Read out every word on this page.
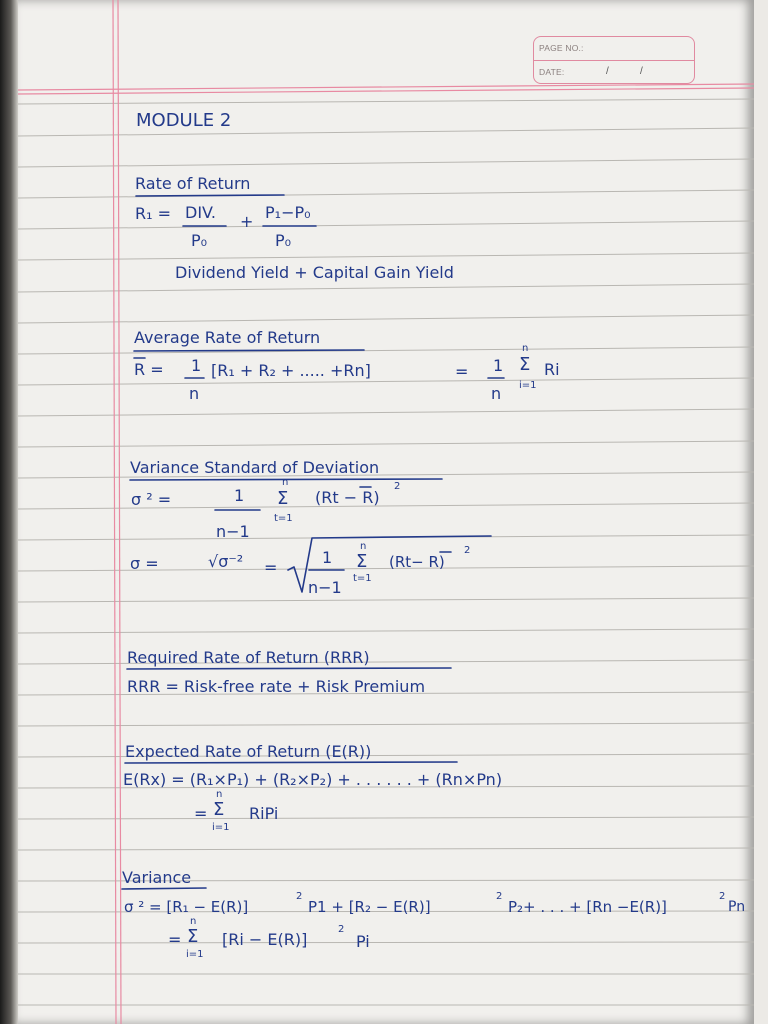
PAGE NO.:
DATE:	/	/
MODULE 2
Rate of Return
R₁ = DIV.
P₀
+ P₁−P₀
P₀
Dividend Yield + Capital Gain Yield
Average Rate of Return
R = 1
n
[R₁ + R₂ + ..... +Rn]	= 1
n
n
Σ
i=1
Ri
Variance Standard of Deviation
σ ² =	1
n−1
n
Σ
t=1
(Rt − R)
2
σ =	√σ⁻² =
1
n−1
n
Σ
t=1
(Rt− R)
2
Required Rate of Return (RRR)
RRR = Risk-free rate + Risk Premium
Expected Rate of Return (E(R))
E(Rx) = (R₁×P₁) + (R₂×P₂) + . . . . . . + (Rn×Pn)
=
n
Σ
i=1
RiPi
Variance
σ ² = [R₁ − E(R)]
2
P1 + [R₂ − E(R)]
2
P₂+ . . . + [Rn −E(R)]
2
Pn
=
n
Σ
i=1
[Ri − E(R)]
2
Pi
